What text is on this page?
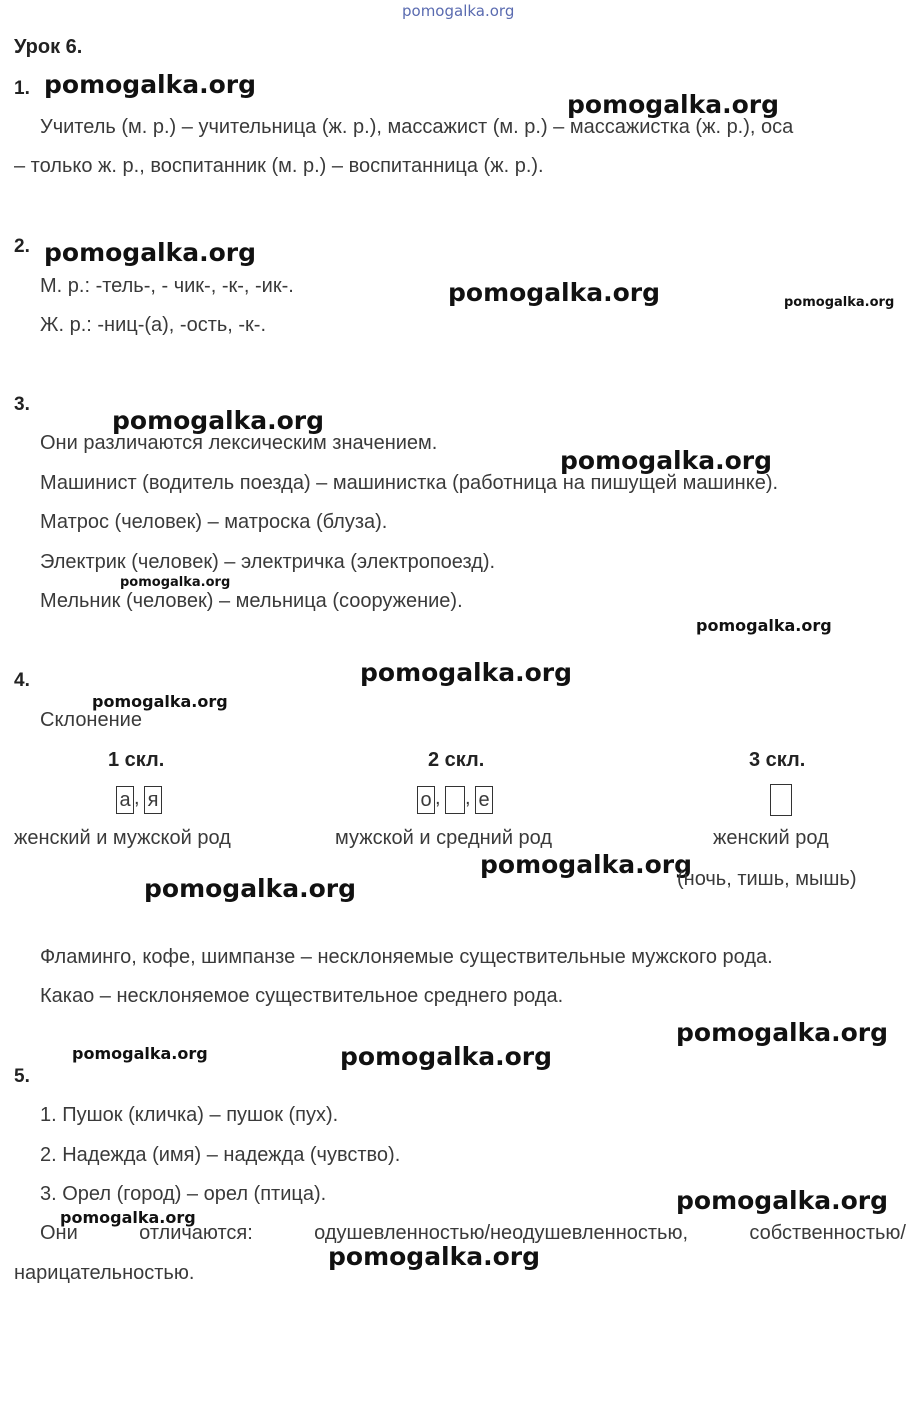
pomogalka.org
Урок 6.
1. pomogalka.org
pomogalka.org
Учитель (м. р.) – учительница (ж. р.), массажист (м. р.) – массажистка (ж. р.), оса
– только ж. р., воспитанник (м. р.) – воспитанница (ж. р.).
2. pomogalka.org
М. р.: -тель-, - чик-, -к-, -ик-.	pomogalka.org	pomogalka.org
Ж. р.: -ниц-(а), -ость, -к-.
3.
pomogalka.org
Они различаются лексическим значением.
pomogalka.org
Машинист (водитель поезда) – машинистка (работница на пишущей машинке).
Матрос (человек) – матроска (блуза).
Электрик (человек) – электричка (электропоезд).
pomogalka.org
Мельник (человек) – мельница (сооружение).
pomogalka.org
pomogalka.org
4.
pomogalka.org
Склонение
1 скл.	2 скл.	3 скл.
а , я	о , , е
женский и мужской род	мужской и средний род	женский род
pomogalka.org
(ночь, тишь, мышь)
pomogalka.org
Фламинго, кофе, шимпанзе – несклоняемые существительные мужского рода.
Какао – несклоняемое существительное среднего рода.
pomogalka.org
pomogalka.org	pomogalka.org
5.
1. Пушок (кличка) – пушок (пух).
2. Надежда (имя) – надежда (чувство).
3. Орел (город) – орел (птица).	pomogalka.org
pomogalka.org
Они	отличаются:	одушевленностью/неодушевленностью,	собственностью/
pomogalka.org
нарицательностью.
